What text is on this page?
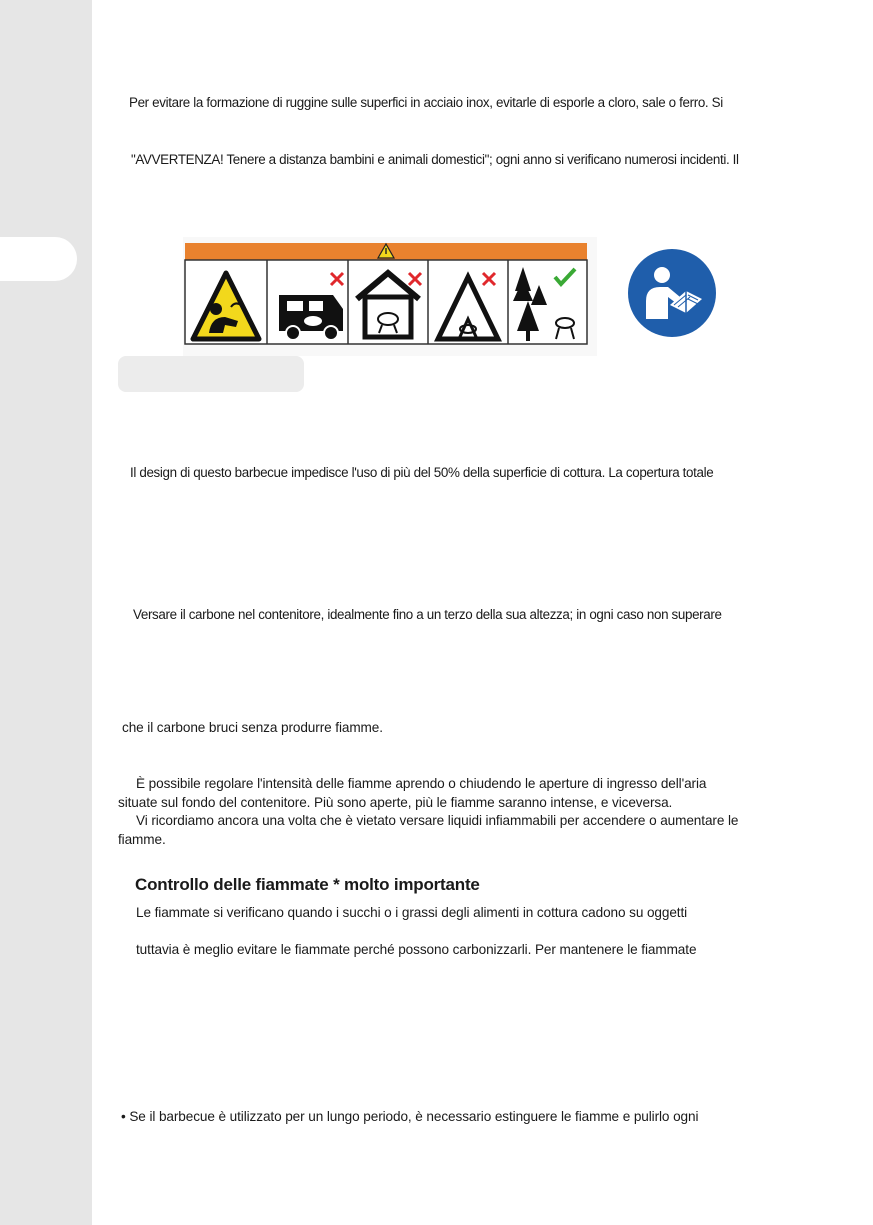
Per evitare la formazione di ruggine sulle superfici in acciaio inox, evitarle di esporle a cloro, sale o ferro. Si
"AVVERTENZA! Tenere a distanza bambini e animali domestici"; ogni anno si verificano numerosi incidenti. Il
Il design di questo barbecue impedisce l'uso di più del 50% della superficie di cottura. La copertura totale
Versare il carbone nel contenitore, idealmente fino a un terzo della sua altezza; in ogni caso non superare
che il carbone bruci senza produrre fiamme.
È possibile regolare l'intensità delle fiamme aprendo o chiudendo le aperture di ingresso dell'aria
situate sul fondo del contenitore. Più sono aperte, più le fiamme saranno intense, e viceversa.
Vi ricordiamo ancora una volta che è vietato versare liquidi infiammabili per accendere o aumentare le
fiamme.
Controllo delle fiammate * molto importante
Le fiammate si verificano quando i succhi o i grassi degli alimenti in cottura cadono su oggetti
tuttavia è meglio evitare le fiammate perché possono carbonizzarli. Per mantenere le fiammate
• Se il barbecue è utilizzato per un lungo periodo, è necessario estinguere le fiamme e pulirlo ogni
